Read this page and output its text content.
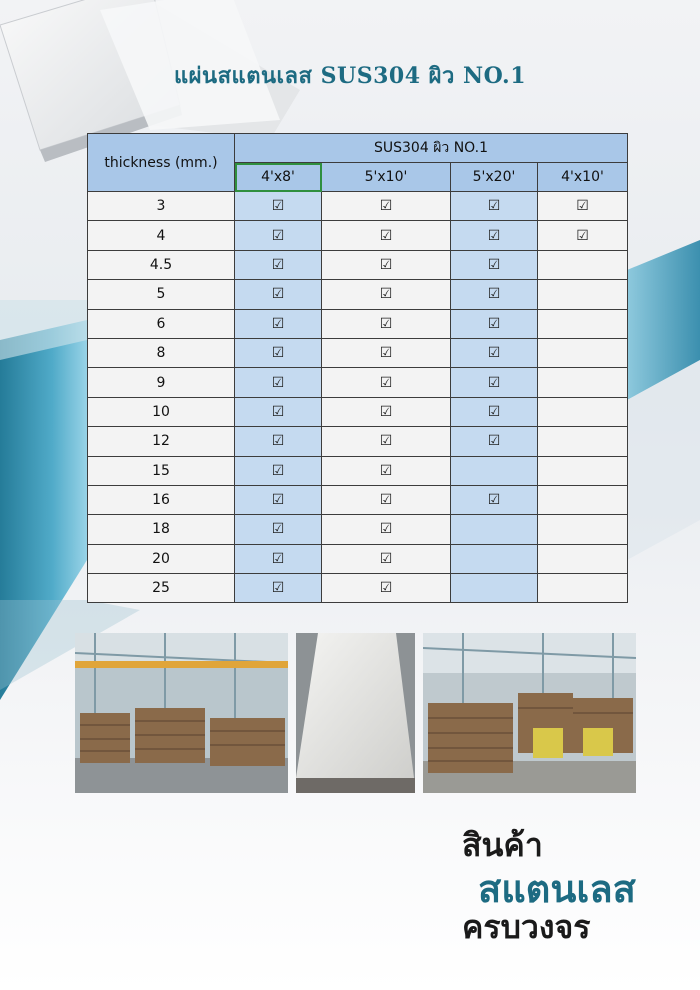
แผ่นสแตนเลส SUS304 ผิว NO.1
thickness (mm.)	SUS304 ผิว NO.1			
	4'x8'	5'x10'	5'x20'	4'x10'
3	☑	☑	☑	☑
4	☑	☑	☑	☑
4.5	☑	☑	☑	
5	☑	☑	☑	
6	☑	☑	☑	
8	☑	☑	☑	
9	☑	☑	☑	
10	☑	☑	☑	
12	☑	☑	☑	
15	☑	☑		
16	☑	☑	☑	
18	☑	☑		
20	☑	☑		
25	☑	☑		
สินค้า
สแตนเลส
ครบวงจร
